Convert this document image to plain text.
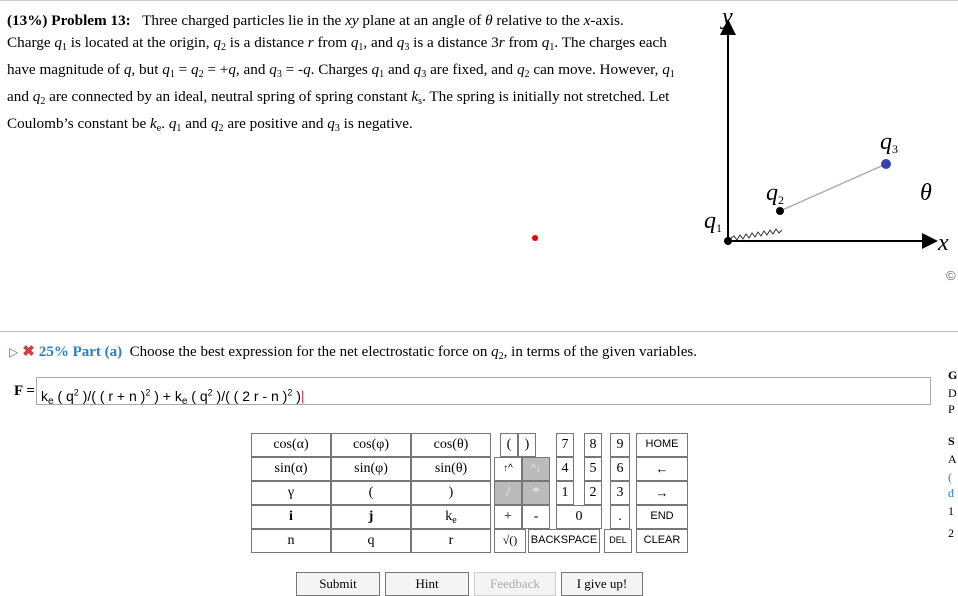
(13%) Problem 13:   Three charged particles lie in the xy plane at an angle of θ relative to the x-axis.
Charge $q_1$ is located at the origin, $q_2$ is a distance r from $q_1$, and $q_3$ is a distance 3r from $q_1$. The charges each have magnitude of q, but $q_1 = q_2 = +q$, and $q_3 = -q$. Charges $q_1$ and $q_3$ are fixed, and $q_2$ can move. However, $q_1$ and $q_2$ are connected by an ideal, neutral spring of spring constant $k_s$. The spring is initially not stretched. Let Coulomb’s constant be $k_e$. $q_1$ and $q_2$ are positive and $q_3$ is negative.
y
x
q1
q2
q3
θ
©
▷ ✖ 25% Part (a)  Choose the best expression for the net electrostatic force on $q_2$, in terms of the given variables.
$F = k_e$ ( $q^2$ )/( ( r + n )$^2$ ) + $k_e$ ( $q^2$ )/( ( 2 r - n )$^2$ )|
cos(α)	cos(φ)	cos(θ)
sin(α)	sin(φ)	sin(θ)
γ	(	)
i	j	$k_e$
n	q	r
( )
↑^	^↓
/	*
+	-
√()
7	8	9
4	5	6
1	2	3
0	.
HOME
←
→
END
BACKSPACE	DEL	CLEAR
Submit	Hint	Feedback	I give up!
G
D
P
S
A
(
d
1
2
